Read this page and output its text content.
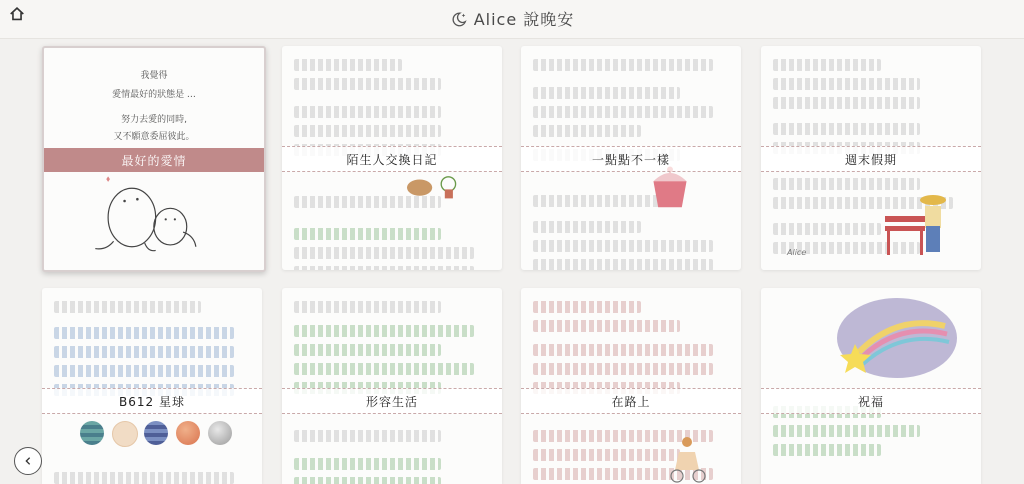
Alice 說晚安
我覺得
愛情最好的狀態是 …
努力去愛的同時,
又不願意委屈彼此。
最好的愛情	陌生人交換日記	一點點不一樣
Alice
週末假期
B612 星球	形容生活	在路上	祝福
